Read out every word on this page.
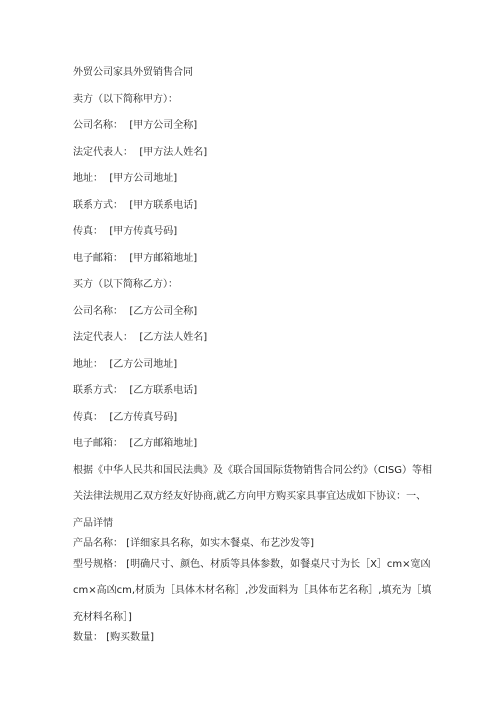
外贸公司家具外贸销售合同
卖方（以下简称甲方）：
公司名称： [甲方公司全称]
法定代表人： [甲方法人姓名]
地址： [甲方公司地址]
联系方式： [甲方联系电话]
传真： [甲方传真号码]
电子邮箱： [甲方邮箱地址]
买方（以下简称乙方）：
公司名称： [乙方公司全称]
法定代表人： [乙方法人姓名]
地址： [乙方公司地址]
联系方式： [乙方联系电话]
传真： [乙方传真号码]
电子邮箱： [乙方邮箱地址]
根据《中华人民共和国民法典》及《联合国国际货物销售合同公约》（CISG）等相关法律法规用乙双方经友好协商,就乙方向甲方购买家具事宜达成如下协议：一、产品详情
产品名称： [详细家具名称，如实木餐桌、布艺沙发等]
型号规格： [明确尺寸、颜色、材质等具体参数，如餐桌尺寸为长［X］cm×宽凶cm×高凶cm,材质为［具体木材名称］,沙发面料为［具体布艺名称］,填充为［填充材料名称］]
数量： [购买数量]
